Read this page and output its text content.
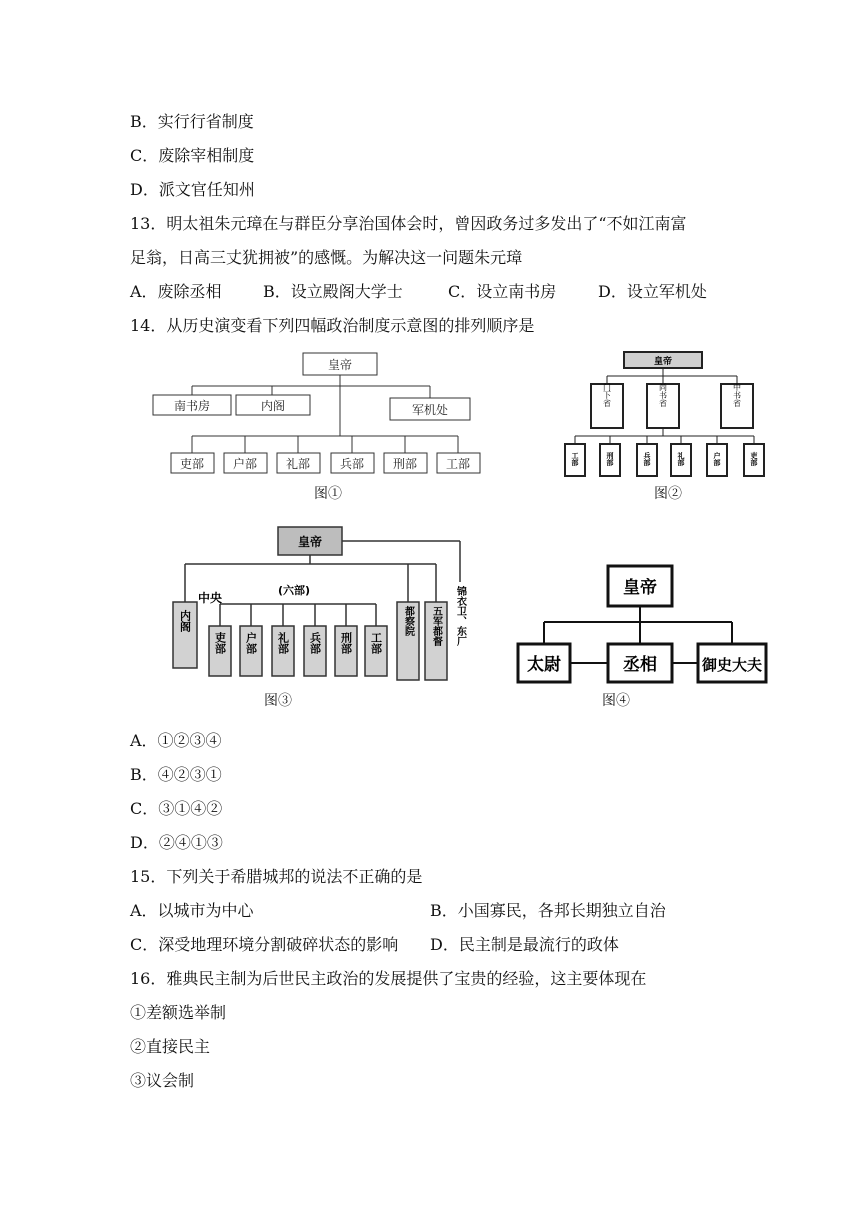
B．实行行省制度
C．废除宰相制度
D．派文官任知州
13．明太祖朱元璋在与群臣分享治国体会时，曾因政务过多发出了“不如江南富
足翁，日高三丈犹拥被”的感慨。为解决这一问题朱元璋
A．废除丞相	B．设立殿阁大学士	C．设立南书房	D．设立军机处
14．从历史演变看下列四幅政治制度示意图的排列顺序是
皇帝
南书房	内阁	军机处
吏部 户部 礼部 兵部 刑部 工部
图①
皇帝
门下省	尚书省	中书省
工部	刑部	兵部	礼部	户部	吏部
图②
皇帝
中央
(六部)
内阁
吏部 户部 礼部 兵部 刑部 工部
都察院 五军都督 锦衣卫、东厂
图③
皇帝
太尉	丞相	御史大夫
图④
A．①②③④
B．④②③①
C．③①④②
D．②④①③
15．下列关于希腊城邦的说法不正确的是
A．以城市为中心	B．小国寡民，各邦长期独立自治
C．深受地理环境分割破碎状态的影响 D．民主制是最流行的政体
16．雅典民主制为后世民主政治的发展提供了宝贵的经验，这主要体现在
①差额选举制
②直接民主
③议会制
